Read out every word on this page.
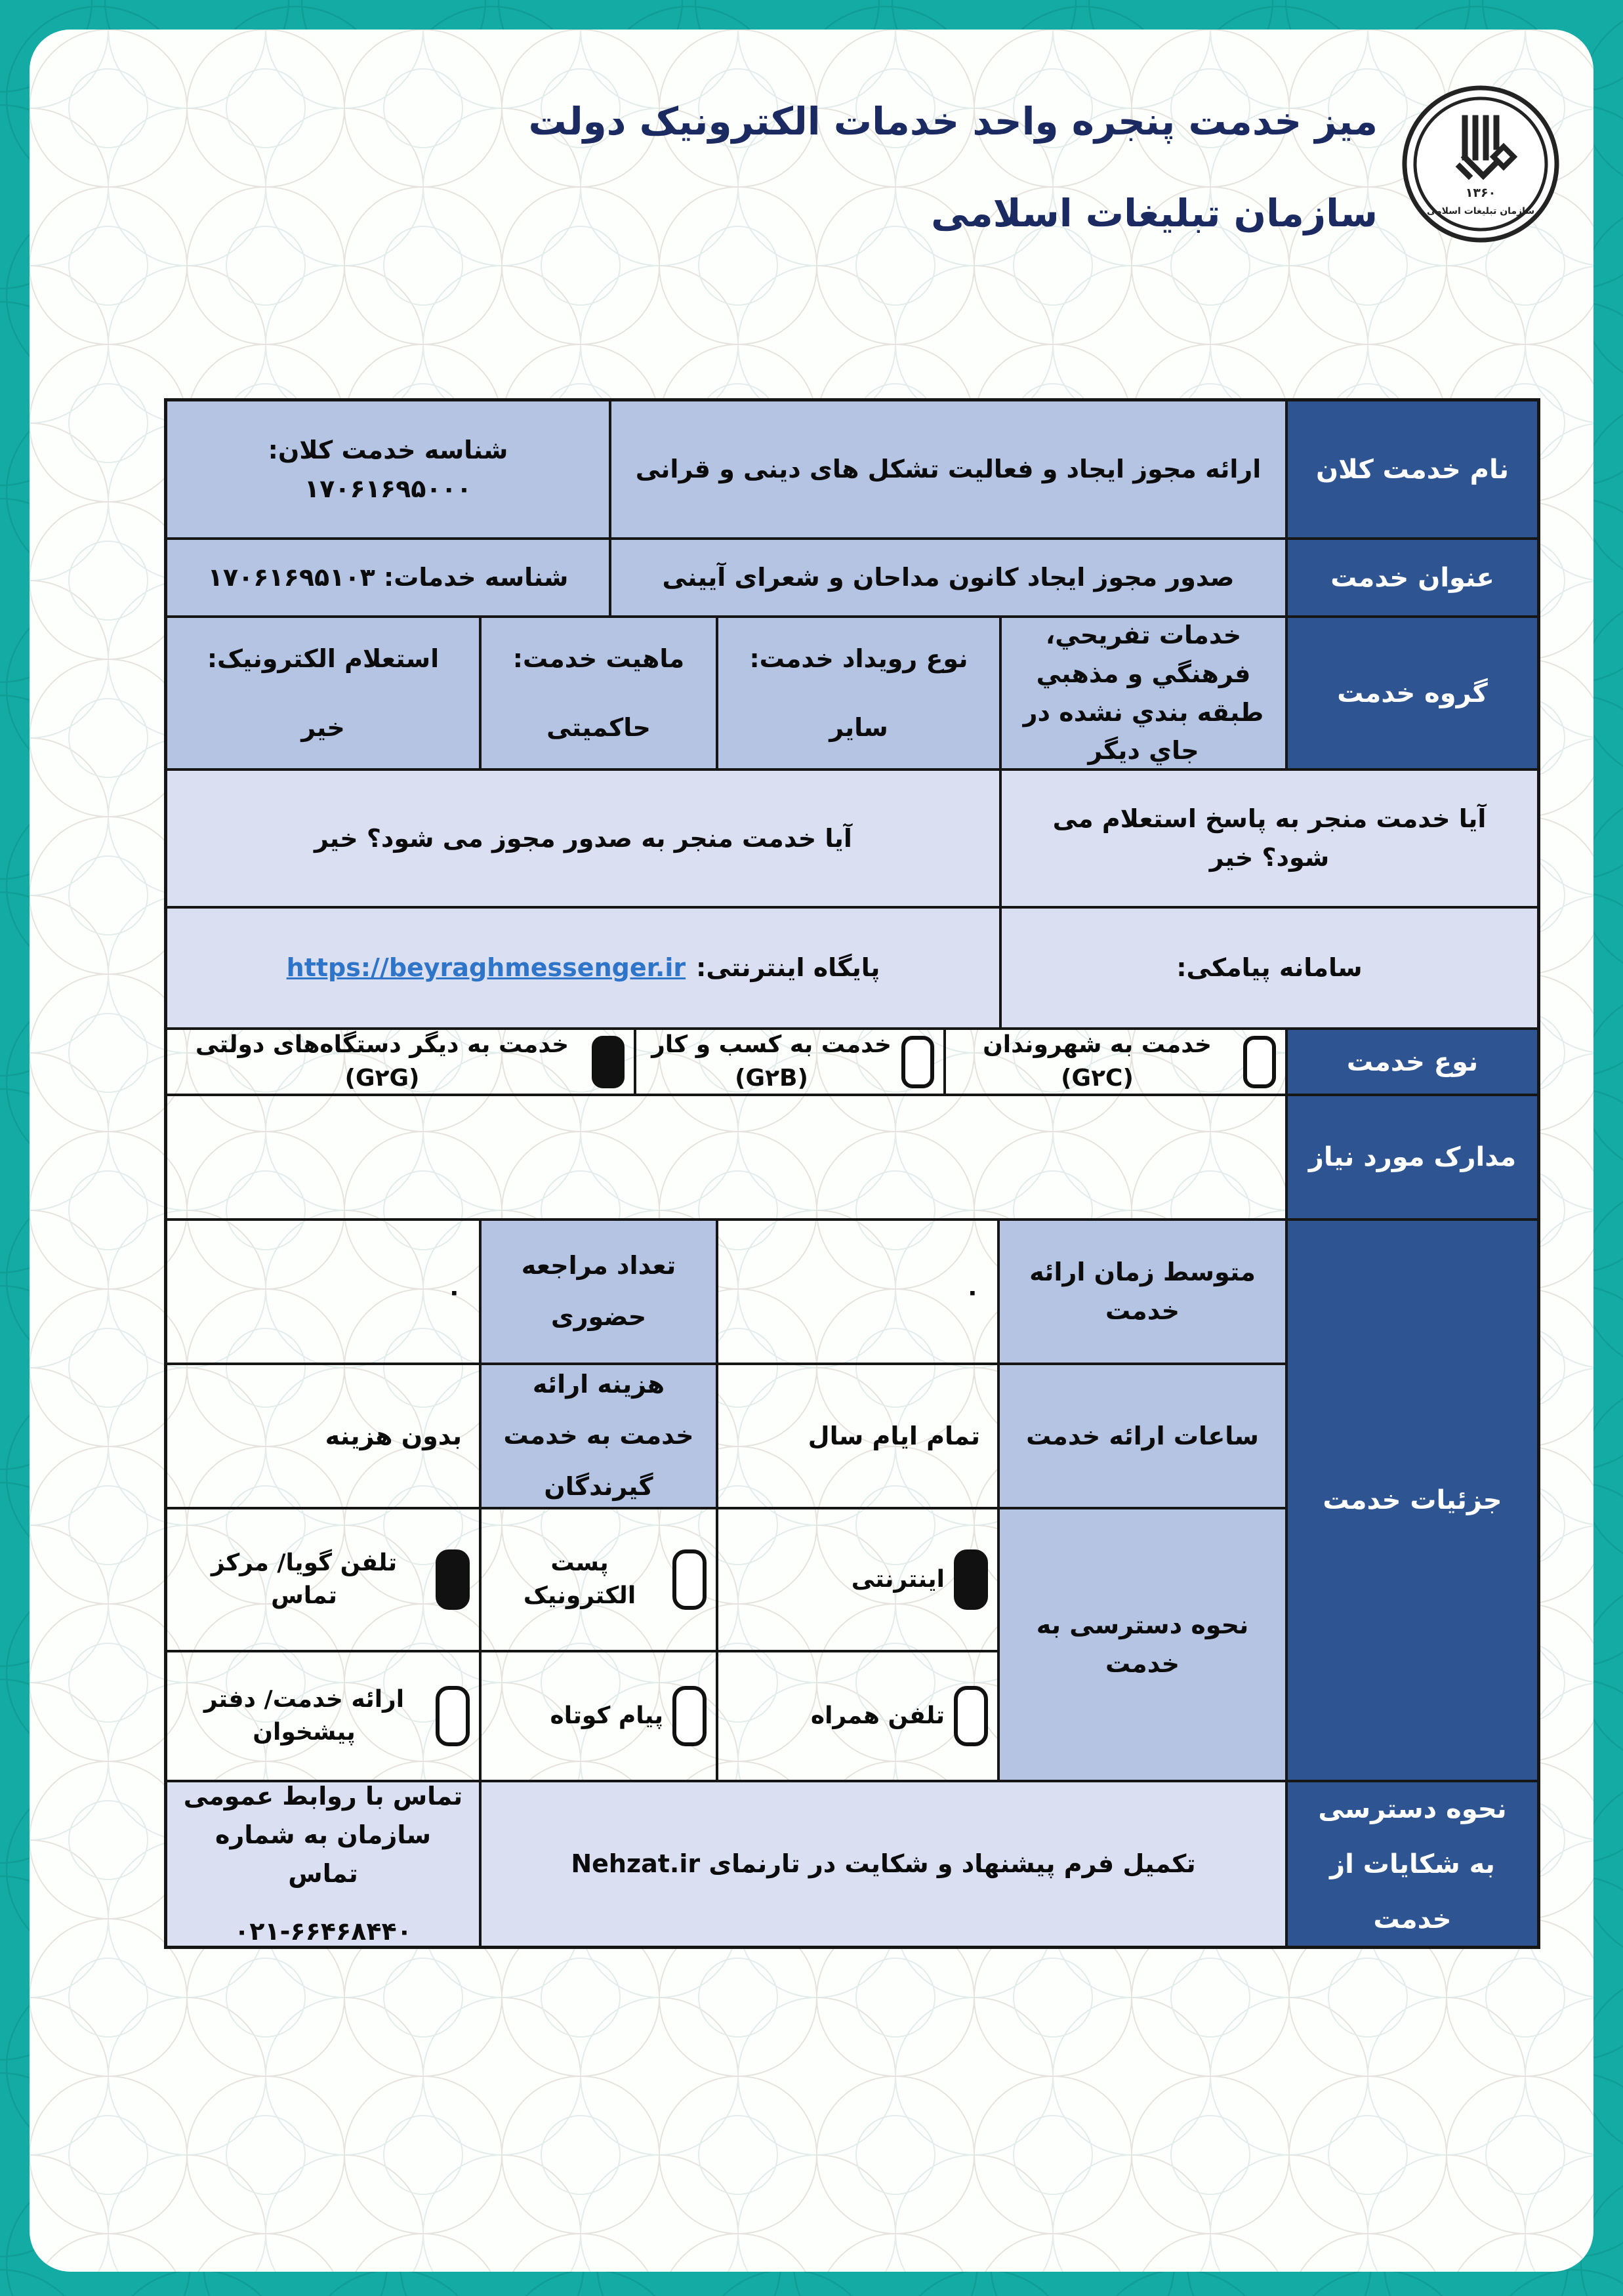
میز خدمت پنجره واحد خدمات الکترونیک دولت
سازمان تبلیغات اسلامی	۱۳۶۰
سازمان تبلیغات اسلامی
نام خدمت کلان
ارائه مجوز ایجاد و فعالیت تشکل های دینی و قرانی
شناسه خدمت کلان: ۱۷۰۶۱۶۹۵۰۰۰
عنوان خدمت
صدور مجوز ایجاد کانون مداحان و شعرای آیینی
شناسه خدمات: ۱۷۰۶۱۶۹۵۱۰۳
گروه خدمت
خدمات تفریحي، فرهنگي و مذهبي طبقه بندي نشده در جاي دیگر
نوع رویداد خدمت:
سایر
ماهیت خدمت:
حاکمیتی
استعلام الکترونیک:
خیر
آیا خدمت منجر به پاسخ استعلام می شود؟ خیر
آیا خدمت منجر به صدور مجوز می شود؟ خیر
سامانه پیامکی:
پایگاه اینترنتی:
https://beyraghmessenger.ir
نوع خدمت
خدمت به شهروندان (G۲C)
خدمت به کسب و کار (G۲B)
خدمت به دیگر دستگاه‌های دولتی (G۲G)
مدارک مورد نیاز
جزئیات خدمت
متوسط زمان ارائه خدمت
۰
تعداد مراجعه حضوری
۰
ساعات ارائه خدمت
تمام ایام سال
هزینه ارائه خدمت به خدمت گیرندگان
بدون هزینه
نحوه دسترسی به خدمت
اینترنتی
پست الکترونیک
تلفن گویا/ مرکز تماس
تلفن همراه
پیام کوتاه
ارائه خدمت/ دفتر پیشخوان
نحوه دسترسی به شکایات از خدمت
تکمیل فرم پیشنهاد و شکایت در تارنمای Nehzat.ir
تماس با روابط عمومی سازمان به شماره تماس
۰۲۱-۶۶۴۶۸۴۴۰
